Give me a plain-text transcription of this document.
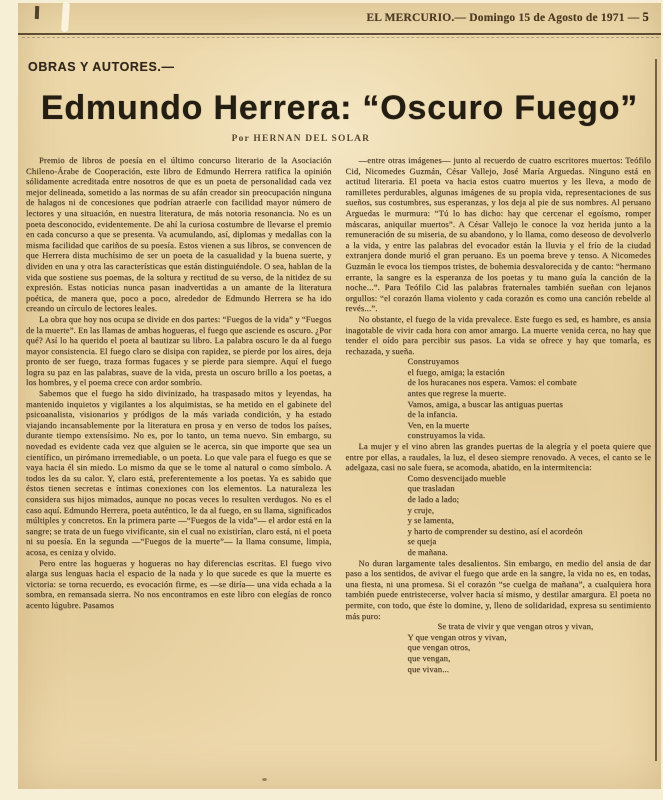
EL MERCURIO.— Domingo 15 de Agosto de 1971 — 5
OBRAS Y AUTORES.—
Edmundo Herrera: “Oscuro Fuego”
Por HERNAN DEL SOLAR

Premio de libros de poesía en el último concurso literario de la Asociación Chileno-Árabe de Cooperación, este libro de Edmundo Herrera ratifica la opinión sólidamente acreditada entre nosotros de que es un poeta de personalidad cada vez mejor delineada, sometido a las normas de su afán creador sin preocupación ninguna de halagos ni de concesiones que podrían atraerle con facilidad mayor número de lectores y una situación, en nuestra literatura, de más notoria resonancia. No es un poeta desconocido, evidentemente. De ahí la curiosa costumbre de llevarse el premio en cada concurso a que se presenta. Va acumulando, así, diplomas y medallas con la misma facilidad que cariños de su poesía. Estos vienen a sus libros, se convencen de que Herrera dista muchísimo de ser un poeta de la casualidad y la buena suerte, y dividen en una y otra las características que están distinguiéndole. O sea, hablan de la vida que sostiene sus poemas, de la soltura y rectitud de su verso, de la nitidez de su expresión. Estas noticias nunca pasan inadvertidas a un amante de la literatura poética, de manera que, poco a poco, alrededor de Edmundo Herrera se ha ido creando un círculo de lectores leales.

La obra que hoy nos ocupa se divide en dos partes: “Fuegos de la vida” y “Fuegos de la muerte”. En las llamas de ambas hogueras, el fuego que asciende es oscuro. ¿Por qué? Así lo ha querido el poeta al bautizar su libro. La palabra oscuro le da al fuego mayor consistencia. El fuego claro se disipa con rapidez, se pierde por los aires, deja pronto de ser fuego, traza formas fugaces y se pierde para siempre. Aquí el fuego logra su paz en las palabras, suave de la vida, presta un oscuro brillo a los poetas, a los hombres, y el poema crece con ardor sombrío.

Sabemos que el fuego ha sido divinizado, ha traspasado mitos y leyendas, ha mantenido inquietos y vigilantes a los alquimistas, se ha metido en el gabinete del psicoanalista, visionarios y pródigos de la más variada condición, y ha estado viajando incansablemente por la literatura en prosa y en verso de todos los países, durante tiempo extensísimo. No es, por lo tanto, un tema nuevo. Sin embargo, su novedad es evidente cada vez que alguien se le acerca, sin que importe que sea un científico, un pirómano irremediable, o un poeta. Lo que vale para el fuego es que se vaya hacia él sin miedo. Lo mismo da que se le tome al natural o como símbolo. A todos les da su calor. Y, claro está, preferentemente a los poetas. Ya es sabido que éstos tienen secretas e íntimas conexiones con los elementos. La naturaleza les considera sus hijos mimados, aunque no pocas veces lo resulten verdugos. No es el caso aquí. Edmundo Herrera, poeta auténtico, le da al fuego, en su llama, significados múltiples y concretos. En la primera parte —“Fuegos de la vida”— el ardor está en la sangre; se trata de un fuego vivificante, sin el cual no existirían, claro está, ni el poeta ni su poesía. En la segunda —“Fuegos de la muerte”— la llama consume, limpia, acosa, es ceniza y olvido.

Pero entre las hogueras y hogueras no hay diferencias escritas. El fuego vivo alarga sus lenguas hacia el espacio de la nada y lo que sucede es que la muerte es victoria: se torna recuerdo, es evocación firme, es —se diría— una vida echada a la sombra, en remansada sierra. No nos encontramos en este libro con elegías de ronco acento lúgubre. Pasamos

—entre otras imágenes— junto al recuerdo de cuatro escritores muertos: Teófilo Cid, Nicomedes Guzmán, César Vallejo, José María Arguedas. Ninguno está en actitud literaria. El poeta va hacia estos cuatro muertos y les lleva, a modo de ramilletes perdurables, algunas imágenes de su propia vida, representaciones de sus sueños, sus costumbres, sus esperanzas, y los deja al pie de sus nombres. Al peruano Arguedas le murmura: “Tú lo has dicho: hay que cercenar el egoísmo, romper máscaras, aniquilar muertos”. A César Vallejo le conoce la voz herida junto a la remuneración de su miseria, de su abandono, y lo llama, como deseoso de devolverlo a la vida, y entre las palabras del evocador están la lluvia y el frío de la ciudad extranjera donde murió el gran peruano. Es un poema breve y tenso. A Nicomedes Guzmán le evoca los tiempos tristes, de bohemia desvalorecida y de canto: “hermano errante, la sangre es la esperanza de los poetas y tu mano guía la canción de la noche...”. Para Teófilo Cid las palabras fraternales también sueñan con lejanos orgullos: “el corazón llama violento y cada corazón es como una canción rebelde al revés...”.

No obstante, el fuego de la vida prevalece. Este fuego es sed, es hambre, es ansia inagotable de vivir cada hora con amor amargo. La muerte venida cerca, no hay que tender el oído para percibir sus pasos. La vida se ofrece y hay que tomarla, es rechazada, y sueña.

Construyamos
el fuego, amiga; la estación
de los huracanes nos espera. Vamos: el combate
antes que regrese la muerte.
Vamos, amiga, a buscar las antiguas puertas
de la infancia.
Ven, en la muerte
construyamos la vida.

La mujer y el vino abren las grandes puertas de la alegría y el poeta quiere que entre por ellas, a raudales, la luz, el deseo siempre renovado. A veces, el canto se le adelgaza, casi no sale fuera, se acomoda, abatido, en la intermitencia:

Como desvencijado mueble
que trasladan
de lado a lado;
y cruje,
y se lamenta,
y harto de comprender su destino, así el acordeón
se queja
de mañana.

No duran largamente tales desalientos. Sin embargo, en medio del ansia de dar paso a los sentidos, de avivar el fuego que arde en la sangre, la vida no es, en todas, una fiesta, ni una promesa. Si el corazón “se cuelga de mañana”, a cualquiera hora también puede entristecerse, volver hacia sí mismo, y destilar amargura. El poeta no permite, con todo, que éste lo domine, y, lleno de solidaridad, expresa su sentimiento más puro:

Se trata de vivir y que vengan otros y vivan,
Y que vengan otros y vivan,
que vengan otros,
que vengan,
que vivan...
